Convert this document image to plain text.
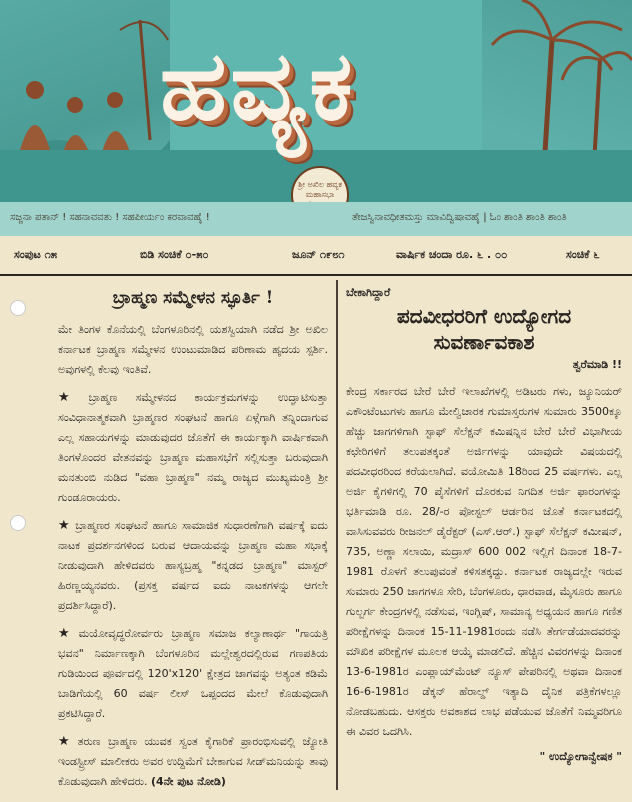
ಹವ್ಯಕ
ಶ್ರೀ ಅಖಿಲ ಹವ್ಯಕ ಮಹಾಸಭಾ
ಸಜ್ಜನಾ ಪತಾನ್ ! ಸಹನಾವವತು ! ಸಹಪೀರ್ಯಂ ಕರವಾವಹೈ !	ತೇಜಸ್ವಿನಾವಧೀತಮಸ್ತು ಮಾವಿದ್ವಿಷಾವಹೈ | ಓಂ ಶಾಂತಿ ಶಾಂತಿ ಶಾಂತಿ
ಸಂಪುಟ ೧೫	ಬಿಡಿ ಸಂಚಿಕೆ ೦-೫೦	ಜೂನ್ ೧೯೮೧	ವಾರ್ಷಿಕ ಚಂದಾ ರೂ. ೬ . ೦೦	ಸಂಚಿಕೆ ೬
ಬ್ರಾಹ್ಮಣ ಸಮ್ಮೇಳನ ಸ್ಫೂರ್ತಿ !

ಮೇ ತಿಂಗಳ ಕೊನೆಯಲ್ಲಿ ಬೆಂಗಳೂರಿನಲ್ಲಿ ಯಶಸ್ವಿಯಾಗಿ ನಡೆದ ಶ್ರೀ ಅಖಿಲ ಕರ್ನಾಟಕ ಬ್ರಾಹ್ಮಣ ಸಮ್ಮೇಳನ ಉಂಟುಮಾಡಿದ ಪರಿಣಾಮ ಹೃದಯ ಸ್ಪರ್ಶಿ. ಅವುಗಳಲ್ಲಿ ಕೆಲವು ಇಂತಿವೆ.

★ ಬ್ರಾಹ್ಮಣ ಸಮ್ಮೇಳನದ ಕಾರ್ಯಕ್ರಮಗಳನ್ನು ಉದ್ಘಾಟಿಸುತ್ತಾ ಸಂವಿಧಾನಾತ್ಮಕವಾಗಿ ಬ್ರಾಹ್ಮಣರ ಸಂಘಟನೆ ಹಾಗೂ ಏಳ್ಗೆಗಾಗಿ ತನ್ನಿಂದಾಗುವ ಎಲ್ಲ ಸಹಾಯಗಳನ್ನು ಮಾಡುವುದರ ಜೊತೆಗೆ ಈ ಕಾರ್ಯಕ್ಕಾಗಿ ವಾರ್ಷಿಕವಾಗಿ ತಿಂಗಳೊಂದರ ವೇತನವನ್ನು ಬ್ರಾಹ್ಮಣ ಮಹಾಸಭೆಗೆ ಸಲ್ಲಿಸುತ್ತಾ ಬರುವುದಾಗಿ ಮನತುಂಬಿ ನುಡಿದ "ವಹಾ ಬ್ರಾಹ್ಮಣ" ನಮ್ಮ ರಾಜ್ಯದ ಮುಖ್ಯಮಂತ್ರಿ ಶ್ರೀ ಗುಂಡೂರಾಯರು.

★ ಬ್ರಾಹ್ಮಣರ ಸಂಘಟನೆ ಹಾಗೂ ಸಾಮಾಜಿಕ ಸುಧಾರಣೆಗಾಗಿ ವರ್ಷಕ್ಕೆ ಐದು ನಾಟಕ ಪ್ರದರ್ಶನಗಳಿಂದ ಬರುವ ಆದಾಯವನ್ನು ಬ್ರಾಹ್ಮಣ ಮಹಾ ಸಭಾಕ್ಕೆ ನೀಡುವುದಾಗಿ ಹೇಳಿದವರು ಹಾಸ್ಯಬ್ರಹ್ಮ "ಕನ್ನಡದ ಬ್ರಾಹ್ಮಣ" ಮಾಸ್ಟರ್ ಹಿರಣ್ಣಯ್ಯನವರು. (ಪ್ರಸಕ್ತ ವರ್ಷದ ಐದು ನಾಟಕಗಳನ್ನು ಆಗಲೇ ಪ್ರದರ್ಶಿಸಿದ್ದಾರೆ).

★ ಮಯೋವೃದ್ಧರೋರ್ವರು ಬ್ರಾಹ್ಮಣ ಸಮಾಜ ಕಲ್ಯಾಣಾರ್ಥ "ಗಾಯತ್ರಿ ಭವನ" ನಿರ್ಮಾಣಕ್ಕಾಗಿ ಬೆಂಗಳೂರಿನ ಮಲ್ಲೇಶ್ವರದಲ್ಲಿರುವ ಗಣಪತಿಯ ಗುಡಿಯಿಂದ ಪೂರ್ವದಲ್ಲಿ 120'x120' ಕ್ಷೇತ್ರದ ಜಾಗವನ್ನು ಅತ್ಯಂತ ಕಡಿಮೆ ಬಾಡಿಗೆಯಲ್ಲಿ 60 ವರ್ಷ ಲೀಸ್ ಒಪ್ಪಂದದ ಮೇಲೆ ಕೊಡುವುದಾಗಿ ಪ್ರಕಟಿಸಿದ್ದಾರೆ.

★ ತರುಣ ಬ್ರಾಹ್ಮಣ ಯುವಕ ಸ್ವಂತ ಕೈಗಾರಿಕೆ ಪ್ರಾರಂಭಿಸುವಲ್ಲಿ ಜ್ಯೋತಿ ಇಂಡಸ್ಟ್ರೀಸ್ ಮಾಲೀಕರು ಅವರ ಉದ್ದಿಮೆಗೆ ಬೇಕಾಗುವ ಸೀಡ್‌ಮನಿಯನ್ನು ತಾವು ಕೊಡುವುದಾಗಿ ಹೇಳಿದರು. (4ನೇ ಪುಟ ನೋಡಿ)

ಬೇಕಾಗಿದ್ದಾರೆ
ಪದವೀಧರರಿಗೆ ಉದ್ಯೋಗದ
ಸುವರ್ಣಾವಕಾಶ
ತ್ವರೆಮಾಡಿ !!

ಕೇಂದ್ರ ಸರ್ಕಾರದ ಬೇರೆ ಬೇರೆ ಇಲಾಖೆಗಳಲ್ಲಿ ಅಡಿಟರು ಗಳು, ಜ್ಯೂನಿಯರ್ ಎಕೌಂಟೆಂಟುಗಳು ಹಾಗೂ ಮೇಲ್ವಿಚಾರಕ ಗುಮಾಸ್ತರುಗಳ ಸುಮಾರು 3500ಕ್ಕೂ ಹೆಚ್ಚು ಜಾಗಗಳಿಗಾಗಿ ಸ್ಟಾಫ್ ಸೆಲೆಕ್ಷನ್ ಕಮಿಷನ್ನಿನ ಬೇರೆ ಬೇರೆ ವಿಭಾಗೀಯ ಕಛೇರಿಗಳಿಗೆ ತಲುಪತಕ್ಕಂತೆ ಅರ್ಜಿಗಳನ್ನು ಯಾವುದೇ ವಿಷಯದಲ್ಲಿ ಪದವೀಧರರಿಂದ ಕರೆಯಲಾಗಿದೆ. ವಯೋಮಿತಿ 18ರಿಂದ 25 ವರ್ಷಗಳು. ಎಲ್ಲ ಅರ್ಜಿ ಕೈಗಳಿಗಲ್ಲಿ 70 ಪೈಸೆಗಳಿಗೆ ದೊರಕುವ ನಿಗದಿತ ಅರ್ಜಿ ಫಾರಂಗಳನ್ನು ಭರ್ತಿಮಾಡಿ ರೂ. 28/-ರ ಪೋಸ್ಟಲ್ ಆರ್ಡರಿನ ಜೊತೆ ಕರ್ನಾಟಕದಲ್ಲಿ ವಾಸಿಸುವವರು ರೀಜನಲ್ ಡೈರೆಕ್ಟರ್ (ಎಸ್.ಆರ್.) ಸ್ಟಾಫ್ ಸೆಲೆಕ್ಷನ್ ಕಮೀಷನ್, 735, ಅಣ್ಣಾ ಸಲಾಯಿ, ಮದ್ರಾಸ್ 600 002 ಇಲ್ಲಿಗೆ ದಿನಾಂಕ 18-7-1981 ರೊಳಗೆ ತಲುಪುವಂತೆ ಕಳಿಸತಕ್ಕದ್ದು. ಕರ್ನಾಟಕ ರಾಜ್ಯದಲ್ಲೇ ಇರುವ ಸುಮಾರು 250 ಜಾಗಗಳೂ ಸೇರಿ, ಬೆಂಗಳೂರು, ಧಾರವಾಡ, ಮೈಸೂರು ಹಾಗೂ ಗುಲ್ಬರ್ಗ ಕೇಂದ್ರಗಳಲ್ಲಿ ನಡೆಸುವ, ಇಂಗ್ಲಿಷ್, ಸಾಮಾನ್ಯ ಅಧ್ಯಯನ ಹಾಗೂ ಗಣಿತ ಪರೀಕ್ಷೆಗಳನ್ನು ದಿನಾಂಕ 15-11-1981ರಂದು ನಡೆಸಿ ತೇರ್ಗಡೆಯಾದವರನ್ನು ಮೌಖಿಕ ಪರೀಕ್ಷೆಗಳ ಮೂಲಕ ಆಯ್ಕೆ ಮಾಡಲಿದೆ. ಹೆಚ್ಚಿನ ವಿವರಗಳನ್ನು ದಿನಾಂಕ 13-6-1981ರ ಎಂಪ್ಲಾಯ್‌ಮೆಂಟ್ ನ್ಯೂಸ್ ಪೇಪರಿನಲ್ಲಿ ಅಥವಾ ದಿನಾಂಕ 16-6-1981ರ ಡೆಕ್ಕನ್ ಹೆರಾಲ್ಡ್ ಇತ್ಯಾದಿ ದೈನಿಕ ಪತ್ರಿಕೆಗಳಲ್ಲೂ ನೋಡಬಹುದು. ಆಸಕ್ತರು ಅವಕಾಶದ ಲಾಭ ಪಡೆಯುವ ಜೊತೆಗೆ ನಿಮ್ಮವರಿಗೂ ಈ ವಿವರ ಒದಗಿಸಿ.

" ಉದ್ಯೋಗಾನ್ವೇಷಕ "
